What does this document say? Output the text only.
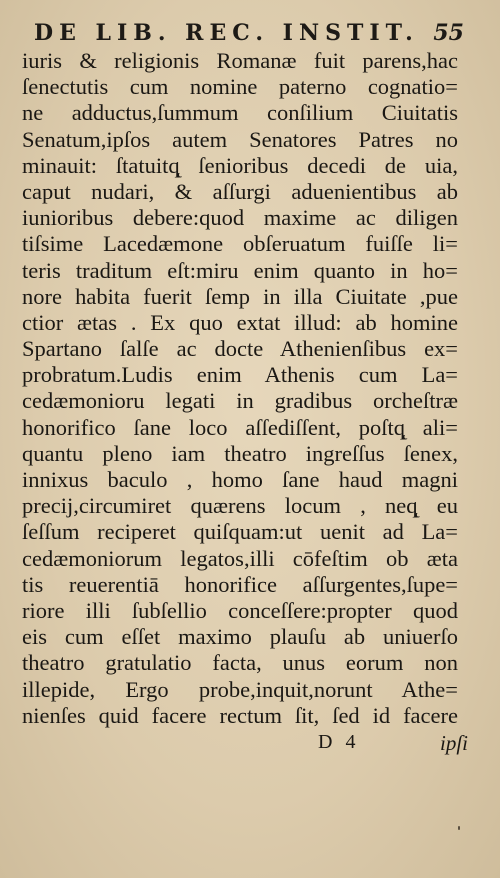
DE LIB. REC. INSTIT. 55
iuris & religionis Romanæ fuit parens,hac
ſenectutis cum nomine paterno cognatio=
ne adductus,ſummum conſilium Ciuitatis
Senatum,ipſos autem Senatores Patres no
minauit: ſtatuitq̨ ſenioribus decedi de uia,
caput nudari, & aſſurgi aduenientibus ab
iunioribus debere:quod maxime ac diligen
tiſsime Lacedæmone obſeruatum fuiſſe li=
teris traditum eſt:miru enim quanto in ho=
nore habita fuerit ſemp in illa Ciuitate ,pue
ctior ætas . Ex quo extat illud: ab homine
Spartano ſalſe ac docte Athenienſibus ex=
probratum.Ludis enim Athenis cum La=
cedæmonioru legati in gradibus orcheſtræ
honorifico ſane loco aſſediſſent, poſtq̨ ali=
quantu pleno iam theatro ingreſſus ſenex,
innixus baculo , homo ſane haud magni
precij,circumiret quærens locum , neq̨ eu
ſeſſum reciperet quiſquam:ut uenit ad La=
cedæmoniorum legatos,illi cōfeſtim ob æta
tis reuerentiā honorifice aſſurgentes,ſupe=
riore illi ſubſellio conceſſere:propter quod
eis cum eſſet maximo plauſu ab uniuerſo
theatro gratulatio facta, unus eorum non
illepide, Ergo probe,inquit,norunt Athe=
nienſes quid facere rectum ſit, ſed id facere
D 4	ipſi
